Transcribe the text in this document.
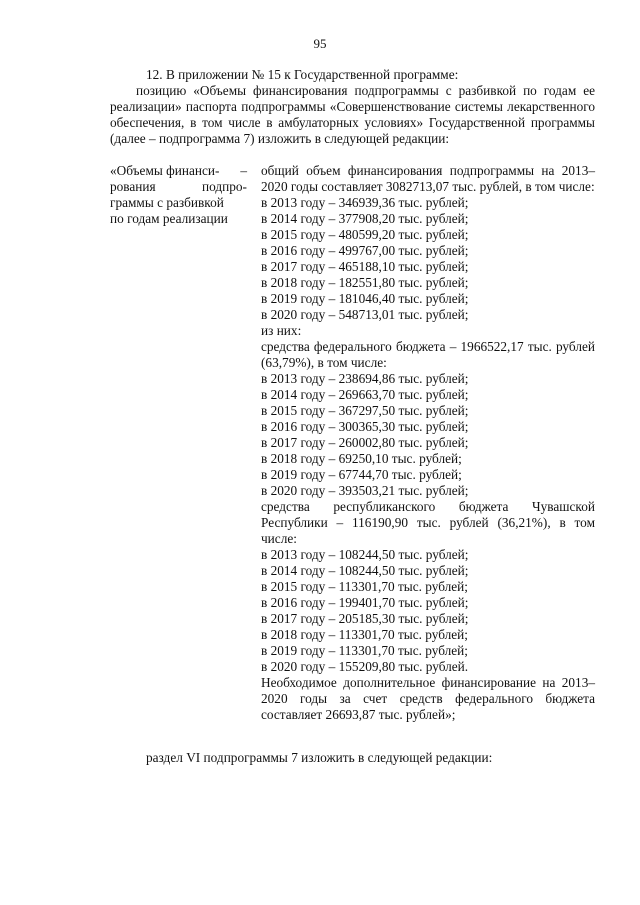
95
12. В приложении № 15 к Государственной программе:
позицию «Объемы финансирования подпрограммы с разбивкой по годам ее реализации» паспорта подпрограммы «Совершенствование системы лекарственного обеспечения, в том числе в амбулаторных условиях» Государственной программы (далее – подпрограмма 7) изложить в следующей редакции:
«Объемы финанси- –
рования	подпро-
граммы с разбивкой
по годам реализации
общий объем финансирования подпрограммы на 2013–2020 годы составляет 3082713,07 тыс. рублей, в том числе:
в 2013 году – 346939,36 тыс. рублей;
в 2014 году – 377908,20 тыс. рублей;
в 2015 году – 480599,20 тыс. рублей;
в 2016 году – 499767,00 тыс. рублей;
в 2017 году – 465188,10 тыс. рублей;
в 2018 году – 182551,80 тыс. рублей;
в 2019 году – 181046,40 тыс. рублей;
в 2020 году – 548713,01 тыс. рублей;
из них:
средства федерального бюджета – 1966522,17 тыс. рублей (63,79%), в том числе:
в 2013 году – 238694,86 тыс. рублей;
в 2014 году – 269663,70 тыс. рублей;
в 2015 году – 367297,50 тыс. рублей;
в 2016 году – 300365,30 тыс. рублей;
в 2017 году – 260002,80 тыс. рублей;
в 2018 году – 69250,10 тыс. рублей;
в 2019 году – 67744,70 тыс. рублей;
в 2020 году – 393503,21 тыс. рублей;
средства республиканского бюджета Чувашской Республики – 116190,90 тыс. рублей (36,21%), в том числе:
в 2013 году – 108244,50 тыс. рублей;
в 2014 году – 108244,50 тыс. рублей;
в 2015 году – 113301,70 тыс. рублей;
в 2016 году – 199401,70 тыс. рублей;
в 2017 году – 205185,30 тыс. рублей;
в 2018 году – 113301,70 тыс. рублей;
в 2019 году – 113301,70 тыс. рублей;
в 2020 году – 155209,80 тыс. рублей.
Необходимое дополнительное финансирование на 2013–2020 годы за счет средств федерального бюджета составляет 26693,87 тыс. рублей»;
раздел VI подпрограммы 7 изложить в следующей редакции:
